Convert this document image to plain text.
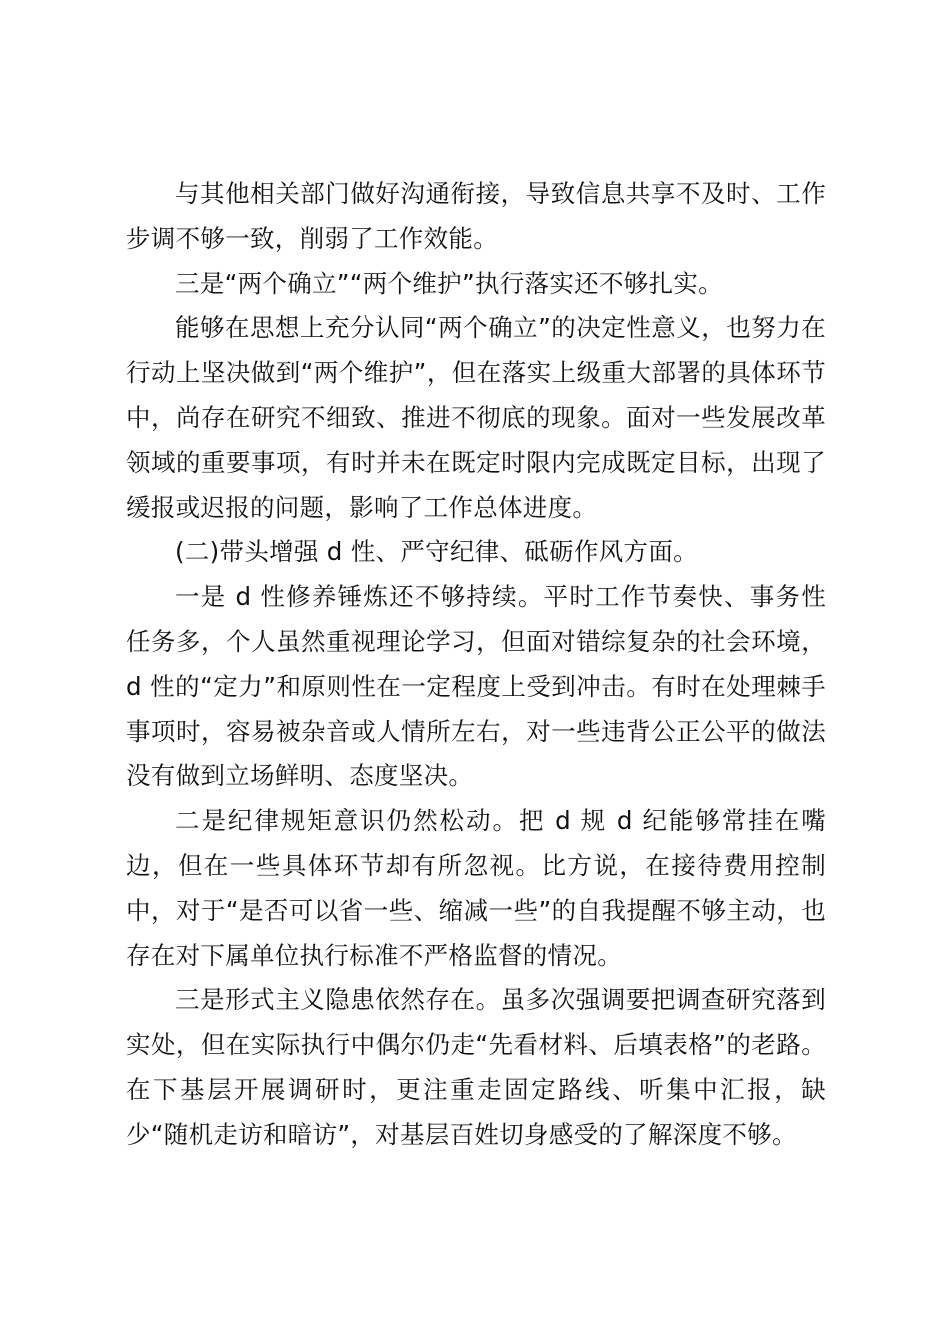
与其他相关部门做好沟通衔接，导致信息共享不及时、工作步调不够一致，削弱了工作效能。

三是“两个确立”“两个维护”执行落实还不够扎实。

能够在思想上充分认同“两个确立”的决定性意义，也努力在行动上坚决做到“两个维护”，但在落实上级重大部署的具体环节中，尚存在研究不细致、推进不彻底的现象。面对一些发展改革领域的重要事项，有时并未在既定时限内完成既定目标，出现了缓报或迟报的问题，影响了工作总体进度。

(二)带头增强 d 性、严守纪律、砥砺作风方面。

一是 d 性修养锤炼还不够持续。平时工作节奏快、事务性任务多，个人虽然重视理论学习，但面对错综复杂的社会环境，d 性的“定力”和原则性在一定程度上受到冲击。有时在处理棘手事项时，容易被杂音或人情所左右，对一些违背公正公平的做法没有做到立场鲜明、态度坚决。

二是纪律规矩意识仍然松动。把 d 规 d 纪能够常挂在嘴边，但在一些具体环节却有所忽视。比方说，在接待费用控制中，对于“是否可以省一些、缩减一些”的自我提醒不够主动，也存在对下属单位执行标准不严格监督的情况。

三是形式主义隐患依然存在。虽多次强调要把调查研究落到实处，但在实际执行中偶尔仍走“先看材料、后填表格”的老路。在下基层开展调研时，更注重走固定路线、听集中汇报，缺少“随机走访和暗访”，对基层百姓切身感受的了解深度不够。
